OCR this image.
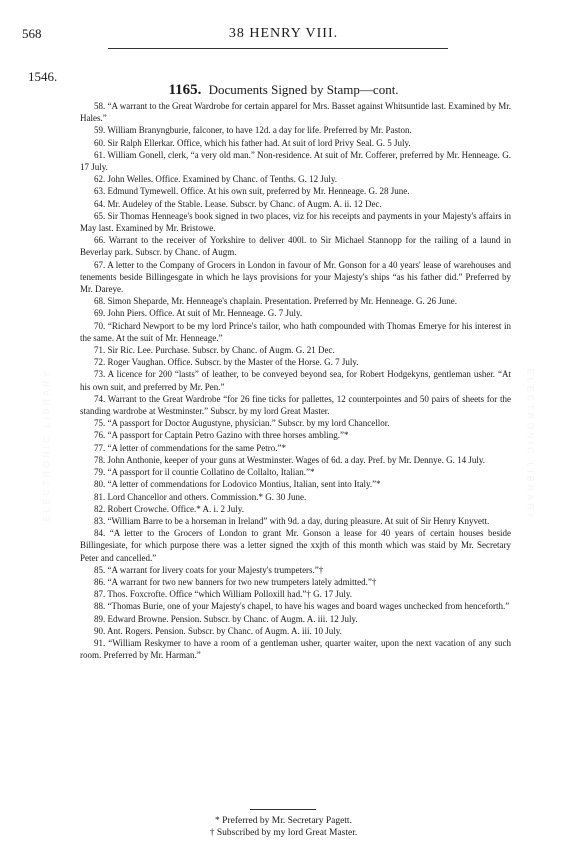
ELECTRONIC LIBRARY	ELECTRONIC LIBRARY
38 HENRY VIII.
568
1546.
1165. Documents Signed by Stamp—cont.

58. “A warrant to the Great Wardrobe for certain apparel for Mrs. Basset against Whitsuntide last. Examined by Mr. Hales.”

59. William Branyngburie, falconer, to have 12d. a day for life. Preferred by Mr. Paston.

60. Sir Ralph Ellerkar. Office, which his father had. At suit of lord Privy Seal. G. 5 July.

61. William Gonell, clerk, “a very old man.” Non-residence. At suit of Mr. Cofferer, preferred by Mr. Henneage. G. 17 July.

62. John Welles. Office. Examined by Chanc. of Tenths. G. 12 July.

63. Edmund Tymewell. Office. At his own suit, preferred by Mr. Henneage. G. 28 June.

64. Mr. Audeley of the Stable. Lease. Subscr. by Chanc. of Augm. A. ii. 12 Dec.

65. Sir Thomas Henneage's book signed in two places, viz for his receipts and payments in your Majesty's affairs in May last. Examined by Mr. Bristowe.

66. Warrant to the receiver of Yorkshire to deliver 400l. to Sir Michael Stannopp for the railing of a laund in Beverlay park. Subscr. by Chanc. of Augm.

67. A letter to the Company of Grocers in London in favour of Mr. Gonson for a 40 years' lease of warehouses and tenements beside Billingesgate in which he lays provisions for your Majesty's ships “as his father did.” Preferred by Mr. Dareye.

68. Simon Sheparde, Mr. Henneage's chaplain. Presentation. Preferred by Mr. Henneage. G. 26 June.

69. John Piers. Office. At suit of Mr. Henneage. G. 7 July.

70. “Richard Newport to be my lord Prince's tailor, who hath compounded with Thomas Emerye for his interest in the same. At the suit of Mr. Henneage.”

71. Sir Ric. Lee. Purchase. Subscr. by Chanc. of Augm. G. 21 Dec.

72. Roger Vaughan. Office. Subscr. by the Master of the Horse. G. 7 July.

73. A licence for 200 “lasts” of leather, to be conveyed beyond sea, for Robert Hodgekyns, gentleman usher. “At his own suit, and preferred by Mr. Pen.”

74. Warrant to the Great Wardrobe “for 26 fine ticks for pallettes, 12 counterpointes and 50 pairs of sheets for the standing wardrobe at Westminster.” Subscr. by my lord Great Master.

75. “A passport for Doctor Augustyne, physician.” Subscr. by my lord Chancellor.

76. “A passport for Captain Petro Gazino with three horses ambling.”*

77. “A letter of commendations for the same Petro.”*

78. John Anthonie, keeper of your guns at Westminster. Wages of 6d. a day. Pref. by Mr. Dennye. G. 14 July.

79. “A passport for il countie Collatino de Collalto, Italian.”*

80. “A letter of commendations for Lodovico Montius, Italian, sent into Italy.”*

81. Lord Chancellor and others. Commission.* G. 30 June.

82. Robert Crowche. Office.* A. i. 2 July.

83. “William Barre to be a horseman in Ireland” with 9d. a day, during pleasure. At suit of Sir Henry Knyvett.

84. “A letter to the Grocers of London to grant Mr. Gonson a lease for 40 years of certain houses beside Billingesiate, for which purpose there was a letter signed the xxjth of this month which was staid by Mr. Secretary Peter and cancelled.”

85. “A warrant for livery coats for your Majesty's trumpeters.”†

86. “A warrant for two new banners for two new trumpeters lately admitted.”†

87. Thos. Foxcrofte. Office “which William Polloxill had.”† G. 17 July.

88. “Thomas Burie, one of your Majesty's chapel, to have his wages and board wages unchecked from henceforth.”

89. Edward Browne. Pension. Subscr. by Chanc. of Augm. A. iii. 12 July.

90. Ant. Rogers. Pension. Subscr. by Chanc. of Augm. A. iii. 10 July.

91. “William Reskymer to have a room of a gentleman usher, quarter waiter, upon the next vacation of any such room. Preferred by Mr. Harman.”

* Preferred by Mr. Secretary Pagett.
† Subscribed by my lord Great Master.
